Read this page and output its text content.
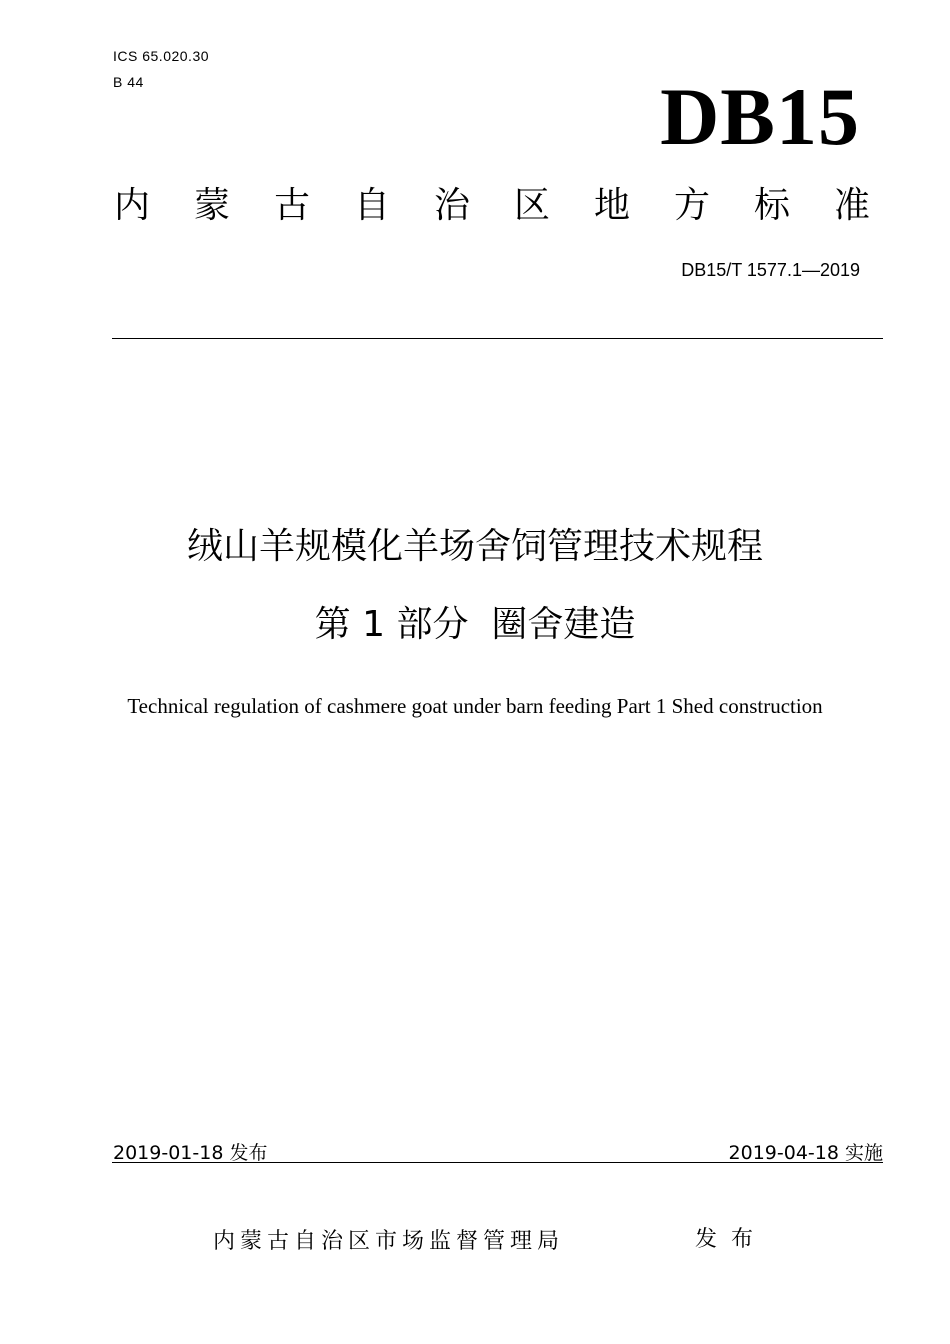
ICS 65.020.30
B 44	DB15
内 蒙 古 自 治 区 地 方 标 准
DB15/T 1577.1—2019
绒山羊规模化羊场舍饲管理技术规程
第 1 部分  圈舍建造
Technical regulation of cashmere goat under barn feeding Part 1 Shed construction
2019-01-18 发布	2019-04-18 实施
内蒙古自治区市场监督管理局	发布
